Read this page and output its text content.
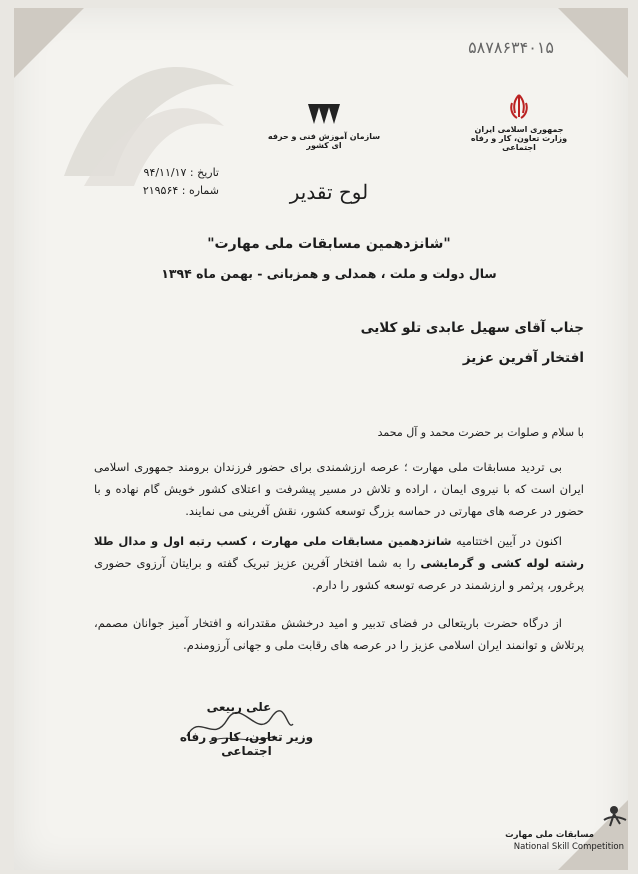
۵۸۷۸۶۳۴۰۱۵
جمهوری اسلامی ایران
وزارت تعاون، کار و رفاه اجتماعی
سازمان آموزش فنی و حرفه ای کشور
تاریخ : ۹۴/۱۱/۱۷
شماره : ۲۱۹۵۶۴	لوح تقدیر
"شانزدهمین مسابقات ملی مهارت"
سال دولت و ملت ، همدلی و همزبانی - بهمن ماه ۱۳۹۴
جناب آقای سهیل عابدی تلو کلایی
افتخار آفرین عزیز
با سلام و صلوات بر حضرت محمد و آل محمد
بی تردید مسابقات ملی مهارت ؛ عرصه ارزشمندی برای حضور فرزندان برومند جمهوری اسلامی ایران است که با نیروی ایمان ، اراده و تلاش در مسیر پیشرفت و اعتلای کشور خویش گام نهاده و با حضور در عرصه های مهارتی در حماسه بزرگ توسعه کشور، نقش آفرینی می نمایند.
اکنون در آیین اختتامیه شانزدهمین مسابقات ملی مهارت ، کسب رتبه اول و مدال طلا رشته لوله کشی و گرمایشی را به شما افتخار آفرین عزیز تبریک گفته و برایتان آرزوی حضوری پرغرور، پرثمر و ارزشمند در عرصه توسعه کشور را دارم.
از درگاه حضرت باریتعالی در فضای تدبیر و امید درخشش مقتدرانه و افتخار آمیز جوانان مصمم، پرتلاش و توانمند ایران اسلامی عزیز را در عرصه های رقابت ملی و جهانی آرزومندم.
علی ربیعی
وزیر تعاون، کار و رفاه اجتماعی
مسابقات ملی مهارت
National Skill Competition
